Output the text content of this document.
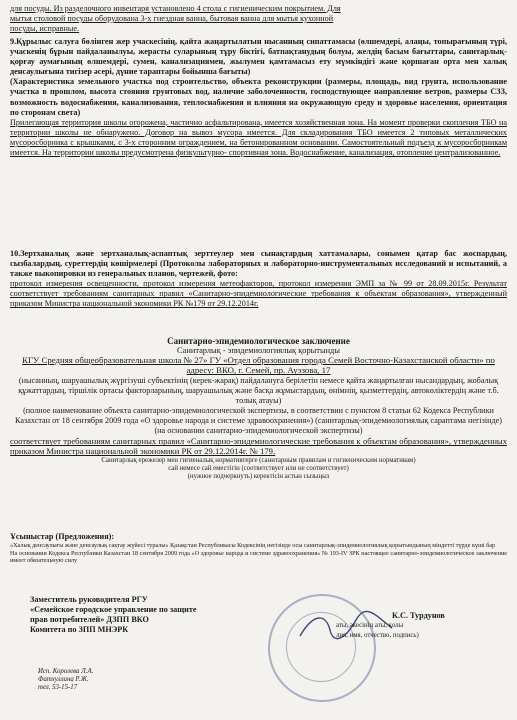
для посуды. Из разделочного инвентаря установлено 4 стола с гигиеническим покрытием. Для

мытья столовой посуды оборудована 3-х гнездная ванна, бытовая ванна для мытья кухонной

посуды, исправные.

9.Құрылыс салуға бөлінген жер учаскесінің, қайта жаңартылатын нысанның сипаттамасы (өлшемдері, алаңы, топырағының түрі, учаскенің бұрын пайдаланылуы, жерасты суларының тұру біктігі, батпақтанудың болуы, желдің басым бағыттары, санитарлық-қорғау аумағының өлшемдері, сумен, канализациямен, жылумен қамтамасыз ету мүмкіндігі және қоршаған орта мен халық денсаулығына тигізер әсері, дүние тараптары бойынша бағыты)

(Характеристика земельного участка под строительство, объекта реконструкции (размеры, площадь, вид грунта, использование участка в прошлом, высота стояния грунтовых вод, наличие заболоченности, господствующее направление ветров, размеры СЗЗ, возможность водоснабжения, канализования, теплоснабжения и влияния на окружающую среду и здоровье населения, ориентация по сторонам света)

Прилегающая территория школы огорожена, частично асфальтирована, имеется хозяйственная зона. На момент проверки скопления ТБО на территории школы не обнаружено. Договор на вывоз мусора имеется. Для складирования ТБО имеется 2 типовых металлических мусоросборника с крышками, с 3-х сторонним ограждением, на бетонированном основании. Самостоятельный подъезд к мусоросборникам имеется. На территории школы предусмотрена физкультурно- спортивная зона. Водоснабжение, канализация, отопление централизованное.

10.Зертханалық және зертханалық-аспаптық зерттеулер мен сынақтардың хаттамалары, сонымен қатар бас жоспардың, сызбалардың, суреттердің көшірмелері (Протоколы лабораторных и лабораторно-инструментальных исследований и испытаний, а также выкопировки из генеральных планов, чертежей, фото:

протокол измерения освещенности, протокол измерения метеофакторов, протокол измерения ЭМП за № 99 от 28.09.2015г. Результат соответствует требованиям санитарных правил «Санитарно-эпидемиологические требования к объектам образования», утвержденный приказом Министра национальной экономики РК №179 от 29.12.2014г.

Санитарно-эпидемиологическое заключение
Санитарлық - эпидемиологиялық қорытынды

КГУ Средняя общеобразовательная школа № 27» ГУ «Отдел образования города Семей Восточно-Казахстанской области» по адресу: ВКО, г. Семей, пр. Ауэзова, 17

(нысанның, шаруашылық жүргізуші субъектінің (керек-жарақ) пайдалануға берілетін немесе қайта жаңартылған нысандардың, жобалық құжаттардың, тіршілік ортасы факторларының, шаруашылық және басқа жұмыстардың, өнімнің, қызметтердің, автокөліктердің және т.б. толық атауы)

(полное наименование объекта санитарно-эпидемиологической экспертизы, в соответствии с пунктом 8 статьи 62 Кодекса Республики Казахстан от 18 сентября 2009 года «О здоровье народа и системе здравоохранения») (санитарлық-эпидемиологиялық сараптама негізінде) (на основании санитарно-эпидемиологической экспертизы)

соответствует требованиям санитарных правил «Санитарно-эпидемиологические требования к объектам образования», утвержденных приказом Министра национальной экономики РК от 29.12.2014г. № 179.

Санитарлық ережелер мен гигиеналық нормативтерге (санитарным правилам и гигиеническим нормативам)

сай немесе сай еместігін (соответствует или не соответствует)

(нужное подчеркнуть) керектісін астын сызыңыз

Ұсыныстар (Предложения):

«Халық денсаулығы және денсаулық сақтау жүйесі туралы» Қазақстан Республикасы Кодексінің негізінде осы санитарлық-эпидемиологиялық қорытындының міндетті түрде күші бар

На основании Кодекса Республики Казахстан 18 сентября 2009 года «О здоровье народа и системе здравоохранения» № 193-IV ЗРК настоящее санитарно-эпидемиологическое заключение имеет обязательную силу

Заместитель руководителя РГУ

«Семейское городское управление по защите

прав потребителей» ДЗПП ВКО

Комитета по ЗПП МНЭРК

К.С. Турдунов
аты, әкесінің аты, қолы
лия, имя, отчество, подпись)

Исп. Королева Л.А.

Фатхуллина Р.Ж.

тел. 53-15-17
